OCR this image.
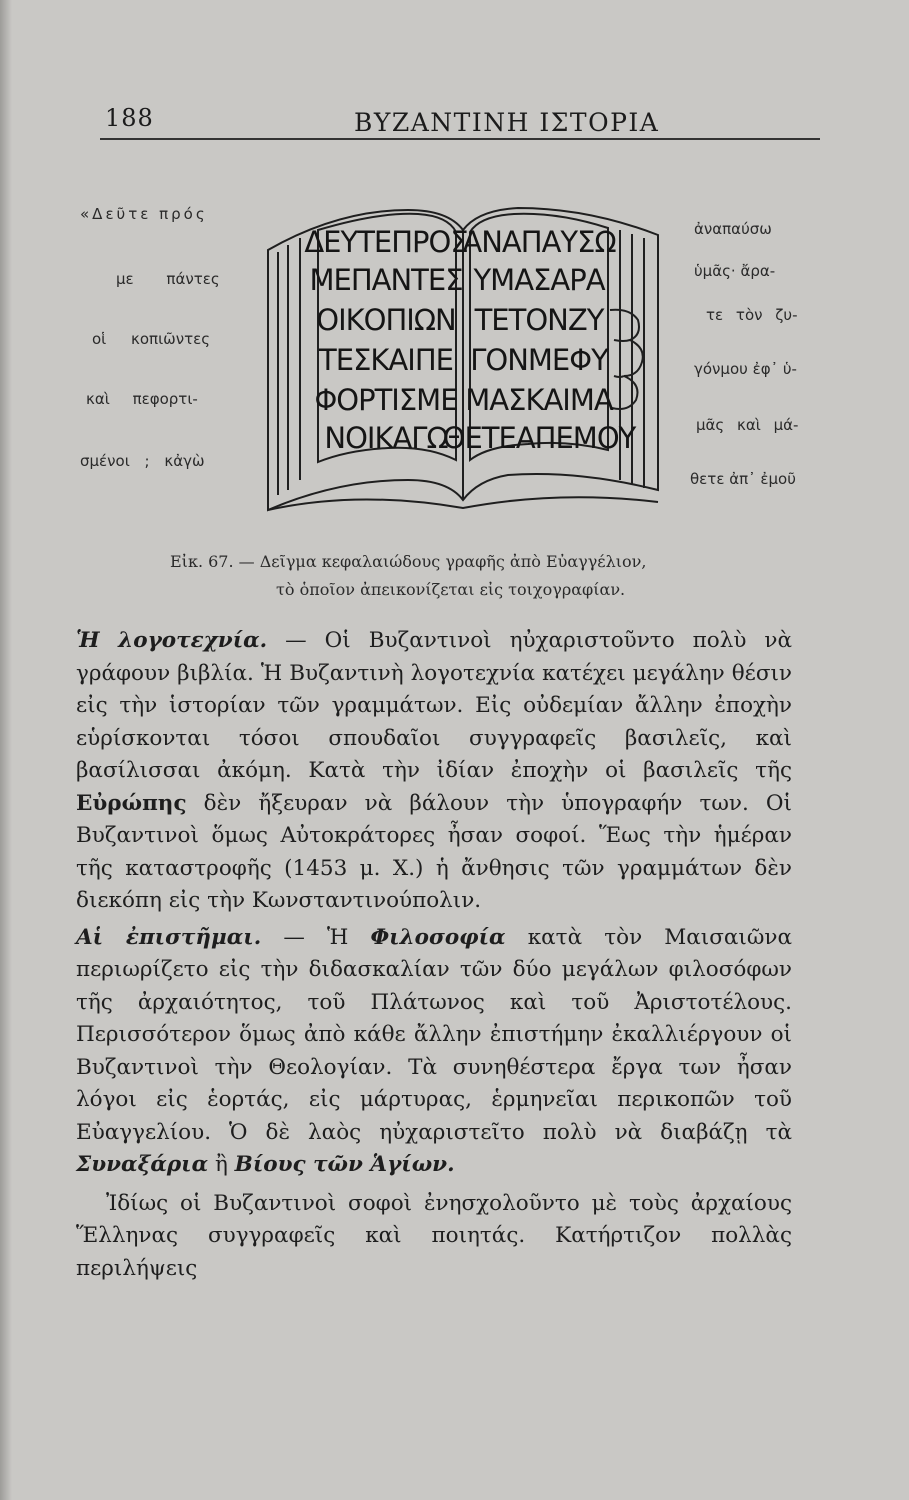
188	ΒΥΖΑΝΤΙΝΗ ΙΣΤΟΡΙΑ
«Δεῦτε πρός
με πάντες
οἱ κοπιῶντες
καὶ πεφορτι-
σμένοι ; κἀγὼ
ἀναπαύσω
ὑμᾶς· ἄρα-
τε τὸν ζυ-
γόνμου ἐφ᾽ ὑ-
μᾶς καὶ μά-
θετε ἀπ᾽ ἐμοῦ
ΔΕΥΤΕΠΡΟΣ
ΜΕΠΑΝΤΕΣ
ΟΙΚΟΠΙΩΝ
ΤΕΣΚΑΙΠΕ
ΦΟΡΤΙΣΜΕ
ΝΟΙΚΑΓΩ
ΑΝΑΠΑΥΣΩ
ΥΜΑΣΑΡΑ
ΤΕΤΟΝΖΥ
ΓΟΝΜΕΦΥ
ΜΑΣΚΑΙΜΑ
ΘΕΤΕΑΠΕΜΟΥ
Εἰκ. 67. — Δεῖγμα κεφαλαιώδους γραφῆς ἀπὸ Εὐαγγέλιον,
τὸ ὁποῖον ἀπεικονίζεται εἰς τοιχογραφίαν.

Ἡ λογοτεχνία. — Οἱ Βυζαντινοὶ ηὐχαριστοῦντο πολὺ νὰ γράφουν βιβλία. Ἡ Βυζαντινὴ λογοτεχνία κατέχει μεγάλην θέσιν εἰς τὴν ἱστορίαν τῶν γραμμάτων. Εἰς οὐδεμίαν ἄλλην ἐποχὴν εὑρίσκονται τόσοι σπουδαῖοι συγγραφεῖς βασιλεῖς, καὶ βασίλισσαι ἀκόμη. Κατὰ τὴν ἰδίαν ἐποχὴν οἱ βασιλεῖς τῆς Εὐρώπης δὲν ἤξευραν νὰ βάλουν τὴν ὑπογραφήν των. Οἱ Βυζαντινοὶ ὅμως Αὐτοκράτορες ἦσαν σοφοί. Ἕως τὴν ἡμέραν τῆς καταστροφῆς (1453 μ. Χ.) ἡ ἄνθησις τῶν γραμμάτων δὲν διεκόπη εἰς τὴν Κωνσταντινούπολιν.

Αἱ ἐπιστῆμαι. — Ἡ Φιλοσοφία κατὰ τὸν Μαισαιῶνα περιωρίζετο εἰς τὴν διδασκαλίαν τῶν δύο μεγάλων φιλοσόφων τῆς ἀρχαιότητος, τοῦ Πλάτωνος καὶ τοῦ Ἀριστοτέλους. Περισσότερον ὅμως ἀπὸ κάθε ἄλλην ἐπιστήμην ἐκαλλιέργουν οἱ Βυζαντινοὶ τὴν Θεολογίαν. Τὰ συνηθέστερα ἔργα των ἦσαν λόγοι εἰς ἑορτάς, εἰς μάρτυρας, ἑρμηνεῖαι περικοπῶν τοῦ Εὐαγγελίου. Ὁ δὲ λαὸς ηὐχαριστεῖτο πολὺ νὰ διαβάζῃ τὰ Συναξάρια ἢ Βίους τῶν Ἁγίων.

Ἰδίως οἱ Βυζαντινοὶ σοφοὶ ἐνησχολοῦντο μὲ τοὺς ἀρχαίους Ἕλληνας συγγραφεῖς καὶ ποιητάς. Κατήρτιζον πολλὰς περιλήψεις
